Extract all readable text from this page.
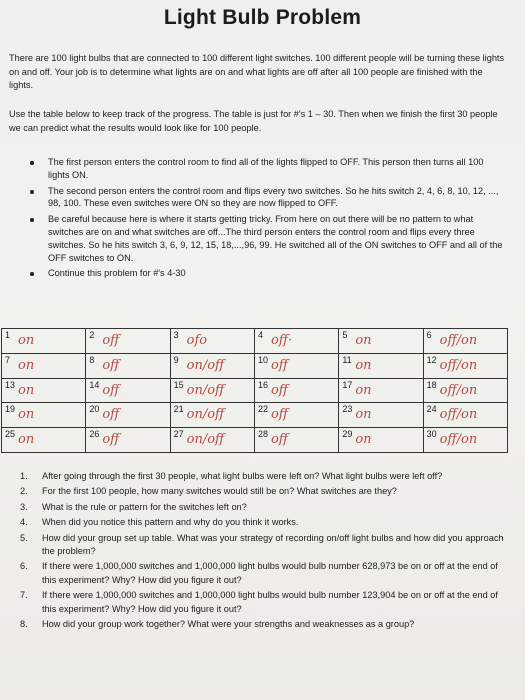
Light Bulb Problem
There are 100 light bulbs that are connected to 100 different light switches. 100 different people will be turning these lights on and off. Your job is to determine what lights are on and what lights are off after all 100 people are finished with the lights.
Use the table below to keep track of the progress. The table is just for #'s 1 – 30. Then when we finish the first 30 people we can predict what the results would look like for 100 people.
The first person enters the control room to find all of the lights flipped to OFF. This person then turns all 100 lights ON.
The second person enters the control room and flips every two switches. So he hits switch 2, 4, 6, 8, 10, 12, ..., 98, 100. These even switches were ON so they are now flipped to OFF.
Be careful because here is where it starts getting tricky. From here on out there will be no pattern to what switches are on and what switches are off...The third person enters the control room and flips every three switches. So he hits switch 3, 6, 9, 12, 15, 18,...,96, 99. He switched all of the ON switches to OFF and all of the OFF switches to ON.
Continue this problem for #'s 4-30
1 on	2 off	3 ofo	4 off·	5 on	6 off/on

7 on	8 off	9 on/off	10 off	11 on	12 off/on

13 on	14 off	15 on/off	16 off	17 on	18 off/on

19 on	20 off	21 on/off	22 off	23 on	24 off/on

25 on	26 off	27 on/off	28 off	29 on	30 off/on
1. After going through the first 30 people, what light bulbs were left on? What light bulbs were left off?
2. For the first 100 people, how many switches would still be on? What switches are they?
3. What is the rule or pattern for the switches left on?
4. When did you notice this pattern and why do you think it works.
5. How did your group set up table. What was your strategy of recording on/off light bulbs and how did you approach the problem?
6. If there were 1,000,000 switches and 1,000,000 light bulbs would bulb number 628,973 be on or off at the end of this experiment? Why? How did you figure it out?
7. If there were 1,000,000 switches and 1,000,000 light bulbs would bulb number 123,904 be on or off at the end of this experiment? Why? How did you figure it out?
8. How did your group work together? What were your strengths and weaknesses as a group?
